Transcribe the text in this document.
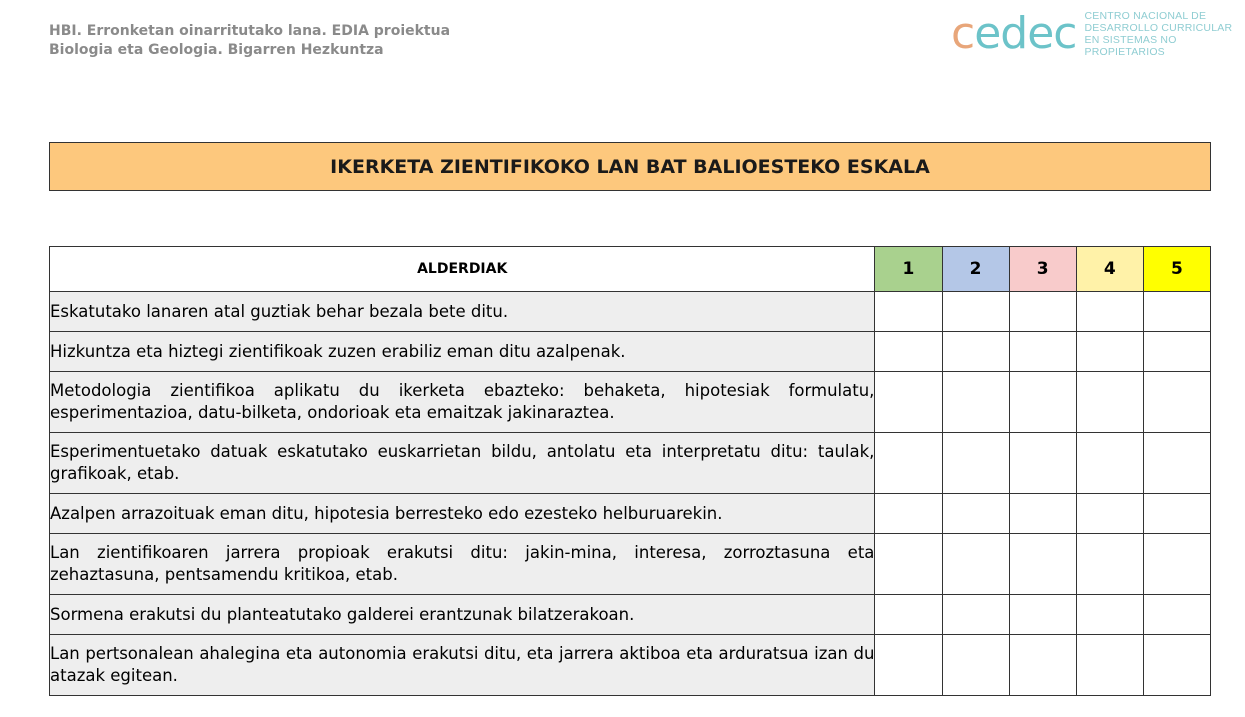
HBI. Erronketan oinarritutako lana. EDIA proiektua
Biologia eta Geologia. Bigarren Hezkuntza	cedec CENTRO NACIONAL DE
DESARROLLO CURRICULAR
EN SISTEMAS NO PROPIETARIOS
IKERKETA ZIENTIFIKOKO LAN BAT BALIOESTEKO ESKALA
ALDERDIAK	1	2	3	4	5
Eskatutako lanaren atal guztiak behar bezala bete ditu.					
Hizkuntza eta hiztegi zientifikoak zuzen erabiliz eman ditu azalpenak.					
Metodologia zientifikoa aplikatu du ikerketa ebazteko: behaketa, hipotesiak formulatu, esperimentazioa, datu-bilketa, ondorioak eta emaitzak jakinaraztea.					
Esperimentuetako datuak eskatutako euskarrietan bildu, antolatu eta interpretatu ditu: taulak, grafikoak, etab.					
Azalpen arrazoituak eman ditu, hipotesia berresteko edo ezesteko helburuarekin.					
Lan zientifikoaren jarrera propioak erakutsi ditu: jakin-mina, interesa, zorroztasuna eta zehaztasuna, pentsamendu kritikoa, etab.					
Sormena erakutsi du planteatutako galderei erantzunak bilatzerakoan.					
Lan pertsonalean ahalegina eta autonomia erakutsi ditu, eta jarrera aktiboa eta arduratsua izan du atazak egitean.					
